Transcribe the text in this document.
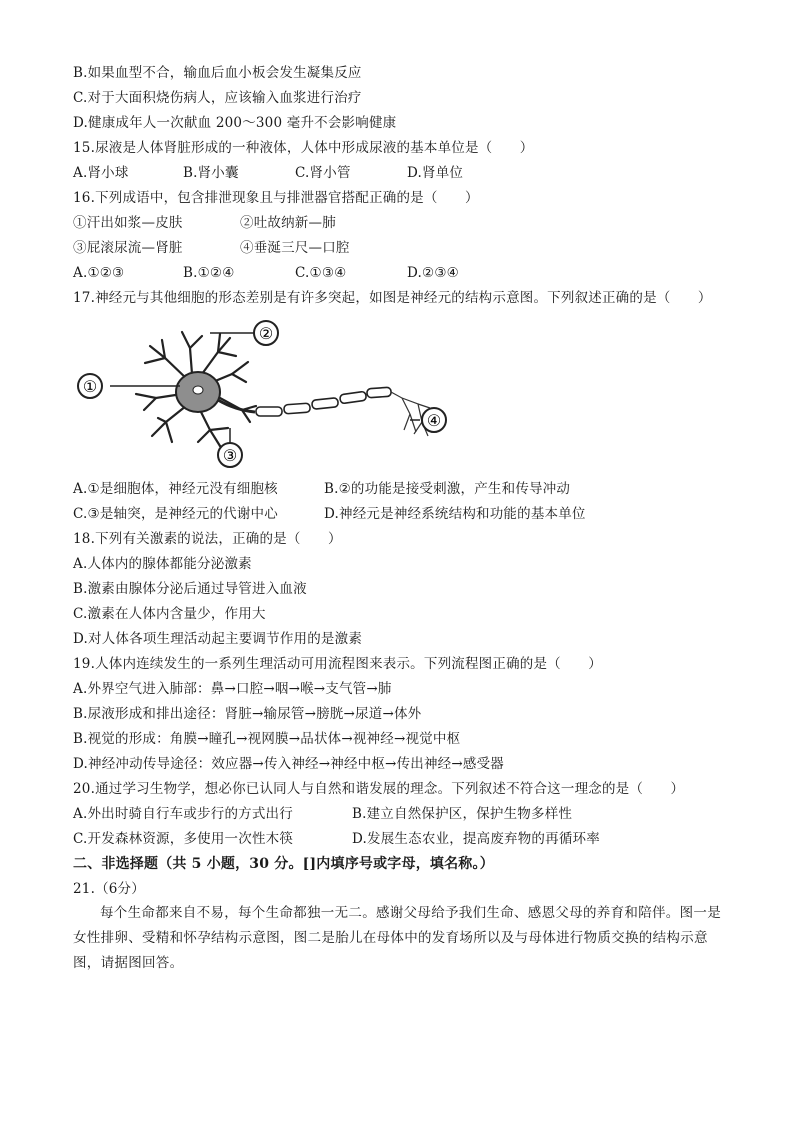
B.如果血型不合，输血后血小板会发生凝集反应
C.对于大面积烧伤病人，应该输入血浆进行治疗
D.健康成年人一次献血 200～300 毫升不会影响健康
15.尿液是人体肾脏形成的一种液体，人体中形成尿液的基本单位是（　　）
A.肾小球	B.肾小囊	C.肾小管	D.肾单位
16.下列成语中，包含排泄现象且与排泄器官搭配正确的是（　　）
①汗出如浆—皮肤	②吐故纳新—肺
③屁滚尿流—肾脏	④垂涎三尺—口腔
A.①②③	B.①②④	C.①③④	D.②③④
17.神经元与其他细胞的形态差别是有许多突起，如图是神经元的结构示意图。下列叙述正确的是（　　）
①
②
③
④
A.①是细胞体，神经元没有细胞核	B.②的功能是接受刺激，产生和传导冲动
C.③是轴突，是神经元的代谢中心	D.神经元是神经系统结构和功能的基本单位
18.下列有关激素的说法，正确的是（　　）
A.人体内的腺体都能分泌激素
B.激素由腺体分泌后通过导管进入血液
C.激素在人体内含量少，作用大
D.对人体各项生理活动起主要调节作用的是激素
19.人体内连续发生的一系列生理活动可用流程图来表示。下列流程图正确的是（　　）
A.外界空气进入肺部：鼻→口腔→咽→喉→支气管→肺
B.尿液形成和排出途径：肾脏→输尿管→膀胱→尿道→体外
B.视觉的形成：角膜→瞳孔→视网膜→品状体→视神经→视觉中枢
D.神经冲动传导途径：效应器→传入神经→神经中枢→传出神经→感受器
20.通过学习生物学，想必你已认同人与自然和谐发展的理念。下列叙述不符合这一理念的是（　　）
A.外出时骑自行车或步行的方式出行	B.建立自然保护区，保护生物多样性
C.开发森林资源，多使用一次性木筷	D.发展生态农业，提高废弃物的再循环率
二、非选择题（共 5 小题，30 分。[]内填序号或字母，填名称。）
21.（6分）
每个生命都来自不易，每个生命都独一无二。感谢父母给予我们生命、感恩父母的养育和陪伴。图一是女性排卵、受精和怀孕结构示意图，图二是胎儿在母体中的发育场所以及与母体进行物质交换的结构示意图，请据图回答。
